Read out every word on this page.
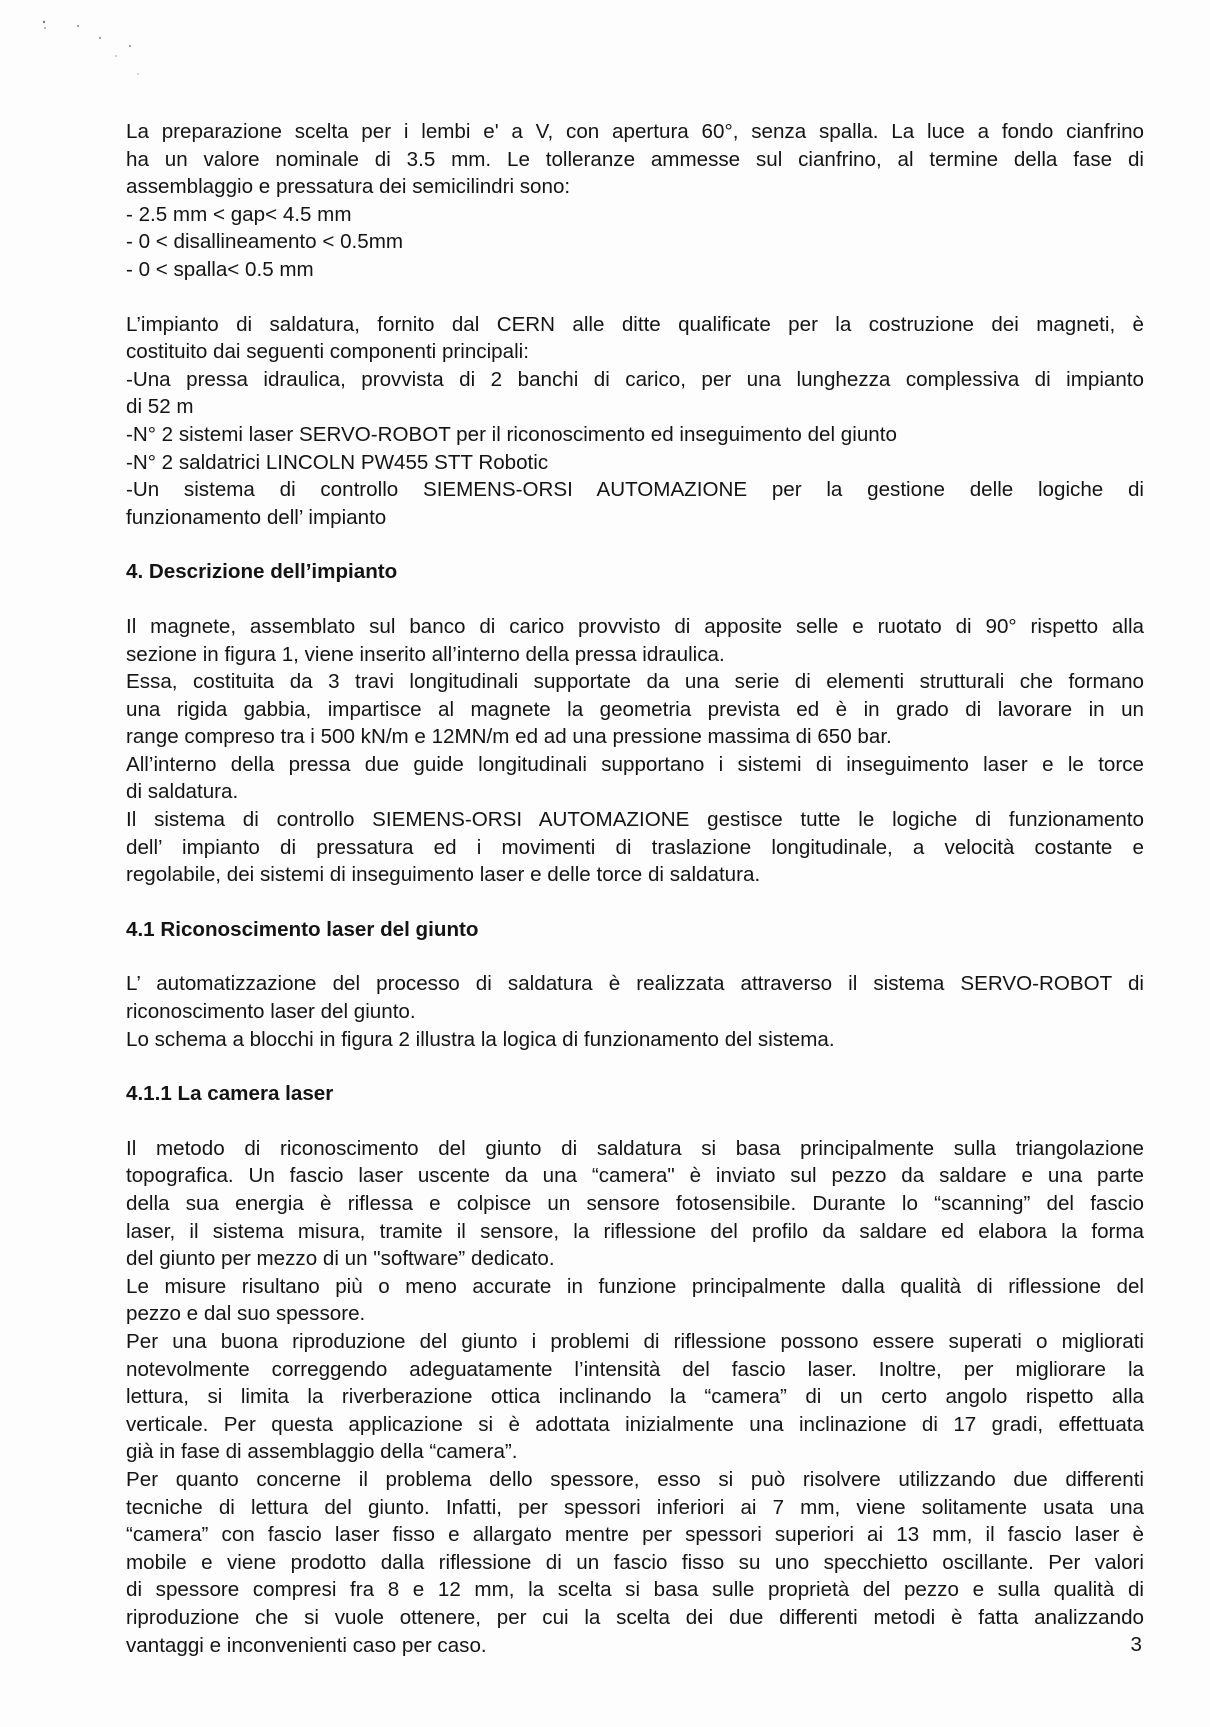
La preparazione scelta per i lembi e' a V, con apertura 60°, senza spalla. La luce a fondo cianfrino
ha un valore nominale di 3.5 mm. Le tolleranze ammesse sul cianfrino, al termine della fase di
assemblaggio e pressatura dei semicilindri sono:
- 2.5 mm < gap< 4.5 mm
- 0 < disallineamento < 0.5mm
- 0 < spalla< 0.5 mm
L’impianto di saldatura, fornito dal CERN alle ditte qualificate per la costruzione dei magneti, è
costituito dai seguenti componenti principali:
-Una pressa idraulica, provvista di 2 banchi di carico, per una lunghezza complessiva di impianto
di 52 m
-N° 2 sistemi laser SERVO-ROBOT per il riconoscimento ed inseguimento del giunto
-N° 2 saldatrici LINCOLN PW455 STT Robotic
-Un sistema di controllo SIEMENS-ORSI AUTOMAZIONE per la gestione delle logiche di
funzionamento dell’ impianto
4. Descrizione dell’impianto
Il magnete, assemblato sul banco di carico provvisto di apposite selle e ruotato di 90° rispetto alla
sezione in figura 1, viene inserito all’interno della pressa idraulica.
Essa, costituita da 3 travi longitudinali supportate da una serie di elementi strutturali che formano
una rigida gabbia, impartisce al magnete la geometria prevista ed è in grado di lavorare in un
range compreso tra i 500 kN/m e 12MN/m ed ad una pressione massima di 650 bar.
All’interno della pressa due guide longitudinali supportano i sistemi di inseguimento laser e le torce
di saldatura.
Il sistema di controllo SIEMENS-ORSI AUTOMAZIONE gestisce tutte le logiche di funzionamento
dell’ impianto di pressatura ed i movimenti di traslazione longitudinale, a velocità costante e
regolabile, dei sistemi di inseguimento laser e delle torce di saldatura.
4.1 Riconoscimento laser del giunto
L’ automatizzazione del processo di saldatura è realizzata attraverso il sistema SERVO-ROBOT di
riconoscimento laser del giunto.
Lo schema a blocchi in figura 2 illustra la logica di funzionamento del sistema.
4.1.1 La camera laser
Il metodo di riconoscimento del giunto di saldatura si basa principalmente sulla triangolazione
topografica. Un fascio laser uscente da una “camera" è inviato sul pezzo da saldare e una parte
della sua energia è riflessa e colpisce un sensore fotosensibile. Durante lo “scanning” del fascio
laser, il sistema misura, tramite il sensore, la riflessione del profilo da saldare ed elabora la forma
del giunto per mezzo di un "software” dedicato.
Le misure risultano più o meno accurate in funzione principalmente dalla qualità di riflessione del
pezzo e dal suo spessore.
Per una buona riproduzione del giunto i problemi di riflessione possono essere superati o migliorati
notevolmente correggendo adeguatamente l’intensità del fascio laser. Inoltre, per migliorare la
lettura, si limita la riverberazione ottica inclinando la “camera” di un certo angolo rispetto alla
verticale. Per questa applicazione si è adottata inizialmente una inclinazione di 17 gradi, effettuata
già in fase di assemblaggio della “camera”.
Per quanto concerne il problema dello spessore, esso si può risolvere utilizzando due differenti
tecniche di lettura del giunto. Infatti, per spessori inferiori ai 7 mm, viene solitamente usata una
“camera” con fascio laser fisso e allargato mentre per spessori superiori ai 13 mm, il fascio laser è
mobile e viene prodotto dalla riflessione di un fascio fisso su uno specchietto oscillante. Per valori
di spessore compresi fra 8 e 12 mm, la scelta si basa sulle proprietà del pezzo e sulla qualità di
riproduzione che si vuole ottenere, per cui la scelta dei due differenti metodi è fatta analizzando
vantaggi e inconvenienti caso per caso.	3
